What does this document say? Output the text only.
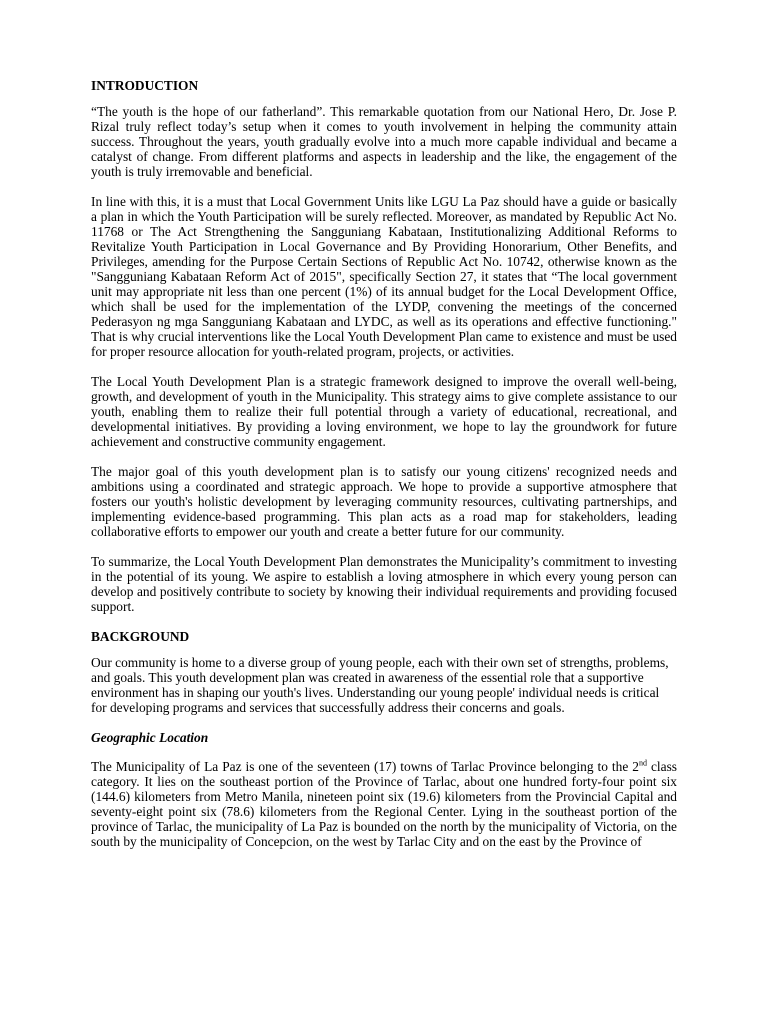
INTRODUCTION

“The youth is the hope of our fatherland”. This remarkable quotation from our National Hero, Dr. Jose P. Rizal truly reflect today’s setup when it comes to youth involvement in helping the community attain success. Throughout the years, youth gradually evolve into a much more capable individual and became a catalyst of change. From different platforms and aspects in leadership and the like, the engagement of the youth is truly irremovable and beneficial.

In line with this, it is a must that Local Government Units like LGU La Paz should have a guide or basically a plan in which the Youth Participation will be surely reflected. Moreover, as mandated by Republic Act No. 11768 or The Act Strengthening the Sangguniang Kabataan, Institutionalizing Additional Reforms to Revitalize Youth Participation in Local Governance and By Providing Honorarium, Other Benefits, and Privileges, amending for the Purpose Certain Sections of Republic Act No. 10742, otherwise known as the "Sangguniang Kabataan Reform Act of 2015", specifically Section 27, it states that “The local government unit may appropriate nit less than one percent (1%) of its annual budget for the Local Development Office, which shall be used for the implementation of the LYDP, convening the meetings of the concerned Pederasyon ng mga Sangguniang Kabataan and LYDC, as well as its operations and effective functioning." That is why crucial interventions like the Local Youth Development Plan came to existence and must be used for proper resource allocation for youth-related program, projects, or activities.

The Local Youth Development Plan is a strategic framework designed to improve the overall well-being, growth, and development of youth in the Municipality. This strategy aims to give complete assistance to our youth, enabling them to realize their full potential through a variety of educational, recreational, and developmental initiatives. By providing a loving environment, we hope to lay the groundwork for future achievement and constructive community engagement.

The major goal of this youth development plan is to satisfy our young citizens' recognized needs and ambitions using a coordinated and strategic approach. We hope to provide a supportive atmosphere that fosters our youth's holistic development by leveraging community resources, cultivating partnerships, and implementing evidence-based programming. This plan acts as a road map for stakeholders, leading collaborative efforts to empower our youth and create a better future for our community.

To summarize, the Local Youth Development Plan demonstrates the Municipality’s commitment to investing in the potential of its young. We aspire to establish a loving atmosphere in which every young person can develop and positively contribute to society by knowing their individual requirements and providing focused support.

BACKGROUND

Our community is home to a diverse group of young people, each with their own set of strengths, problems, and goals. This youth development plan was created in awareness of the essential role that a supportive environment has in shaping our youth's lives. Understanding our young people' individual needs is critical for developing programs and services that successfully address their concerns and goals.

Geographic Location

The Municipality of La Paz is one of the seventeen (17) towns of Tarlac Province belonging to the 2nd class category. It lies on the southeast portion of the Province of Tarlac, about one hundred forty-four point six (144.6) kilometers from Metro Manila, nineteen point six (19.6) kilometers from the Provincial Capital and seventy-eight point six (78.6) kilometers from the Regional Center. Lying in the southeast portion of the province of Tarlac, the municipality of La Paz is bounded on the north by the municipality of Victoria, on the south by the municipality of Concepcion, on the west by Tarlac City and on the east by the Province of
